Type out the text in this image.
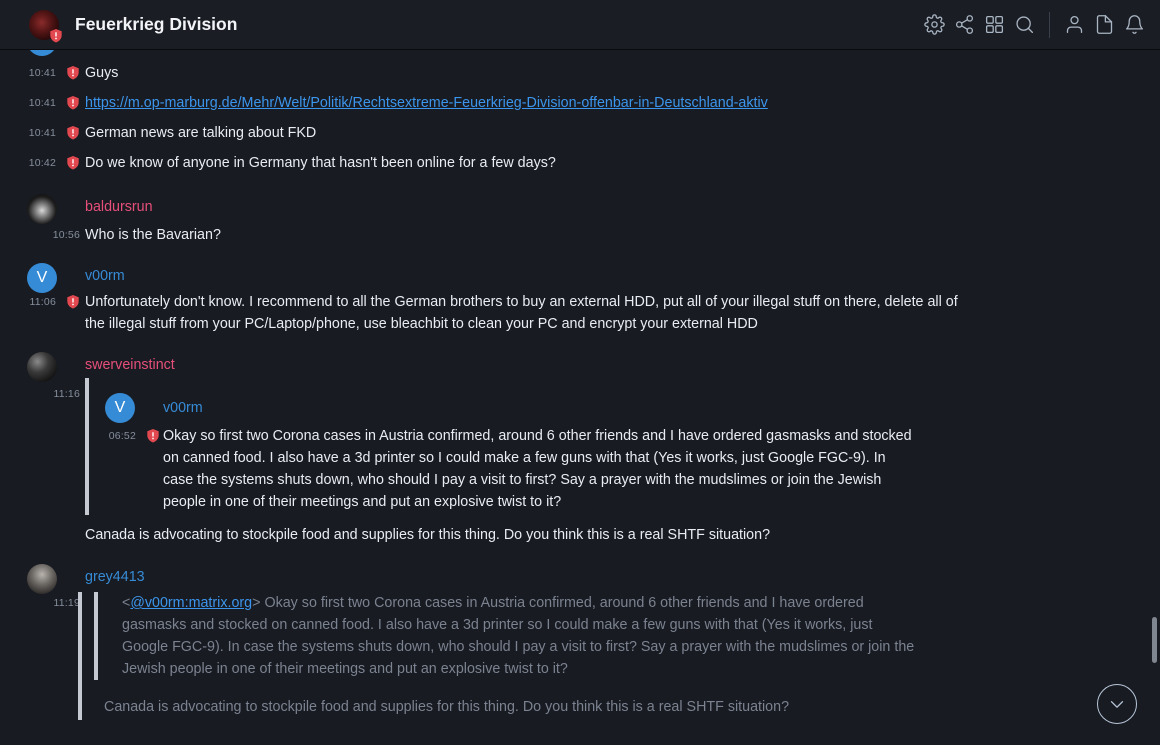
Feuerkrieg Division
10:41 Guys
10:41 https://m.op-marburg.de/Mehr/Welt/Politik/Rechtsextreme-Feuerkrieg-Division-offenbar-in-Deutschland-aktiv
10:41 German news are talking about FKD
10:42 Do we know of anyone in Germany that hasn't been online for a few days?
baldursrun
10:56 Who is the Bavarian?
V	v00rm
11:06 Unfortunately don't know. I recommend to all the German brothers to buy an external HDD, put all of your illegal stuff on there, delete all of the illegal stuff from your PC/Laptop/phone, use bleachbit to clean your PC and encrypt your external HDD
swerveinstinct
11:16
V	v00rm
06:52 Okay so first two Corona cases in Austria confirmed, around 6 other friends and I have ordered gasmasks and stocked on canned food. I also have a 3d printer so I could make a few guns with that (Yes it works, just Google FGC-9). In case the systems shuts down, who should I pay a visit to first? Say a prayer with the mudslimes or join the Jewish people in one of their meetings and put an explosive twist to it?
Canada is advocating to stockpile food and supplies for this thing. Do you think this is a real SHTF situation?
grey4413
11:19	<@v00rm:matrix.org> Okay so first two Corona cases in Austria confirmed, around 6 other friends and I have ordered gasmasks and stocked on canned food. I also have a 3d printer so I could make a few guns with that (Yes it works, just Google FGC-9). In case the systems shuts down, who should I pay a visit to first? Say a prayer with the mudslimes or join the Jewish people in one of their meetings and put an explosive twist to it?
Canada is advocating to stockpile food and supplies for this thing. Do you think this is a real SHTF situation?
